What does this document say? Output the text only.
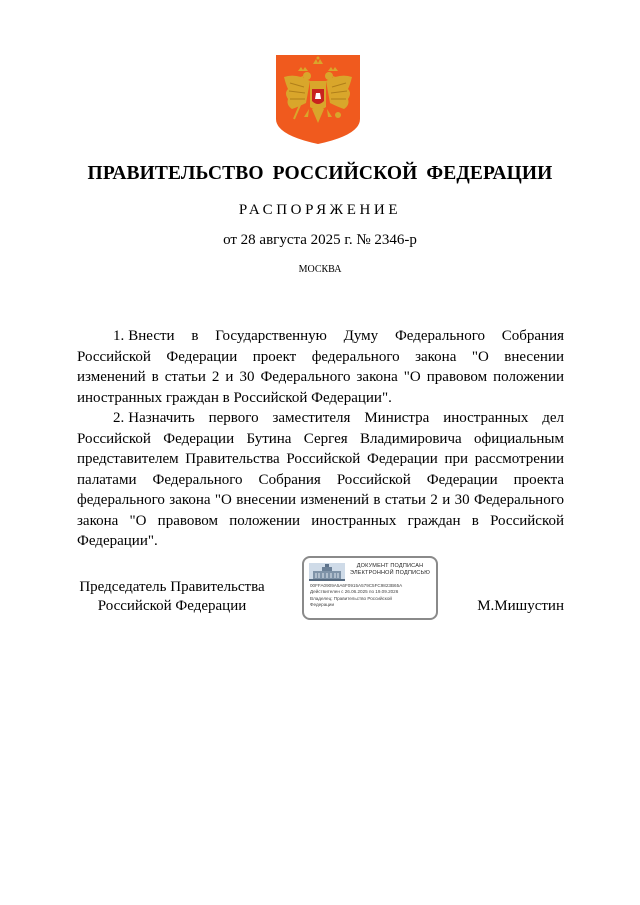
ПРАВИТЕЛЬСТВО РОССИЙСКОЙ ФЕДЕРАЦИИ
РАСПОРЯЖЕНИЕ
от 28 августа 2025 г. № 2346-р
МОСКВА

1. Внести в Государственную Думу Федерального Собрания Российской Федерации проект федерального закона "О внесении изменений в статьи 2 и 30 Федерального закона "О правовом положении иностранных граждан в Российской Федерации".

2. Назначить первого заместителя Министра иностранных дел Российской Федерации Бутина Сергея Владимировича официальным представителем Правительства Российской Федерации при рассмотрении палатами Федерального Собрания Российской Федерации проекта федерального закона "О внесении изменений в статьи 2 и 30 Федерального закона "О правовом положении иностранных граждан в Российской Федерации".

Председатель Правительства
Российской Федерации
ДОКУМЕНТ ПОДПИСАН
ЭЛЕКТРОННОЙ ПОДПИСЬЮ
00FFA0909A5A6F0915A579C5FC9823B65A
Действителен с 26.06.2025 по 19.09.2026
Владелец: Правительство Российской
Федерации	М.Мишустин
